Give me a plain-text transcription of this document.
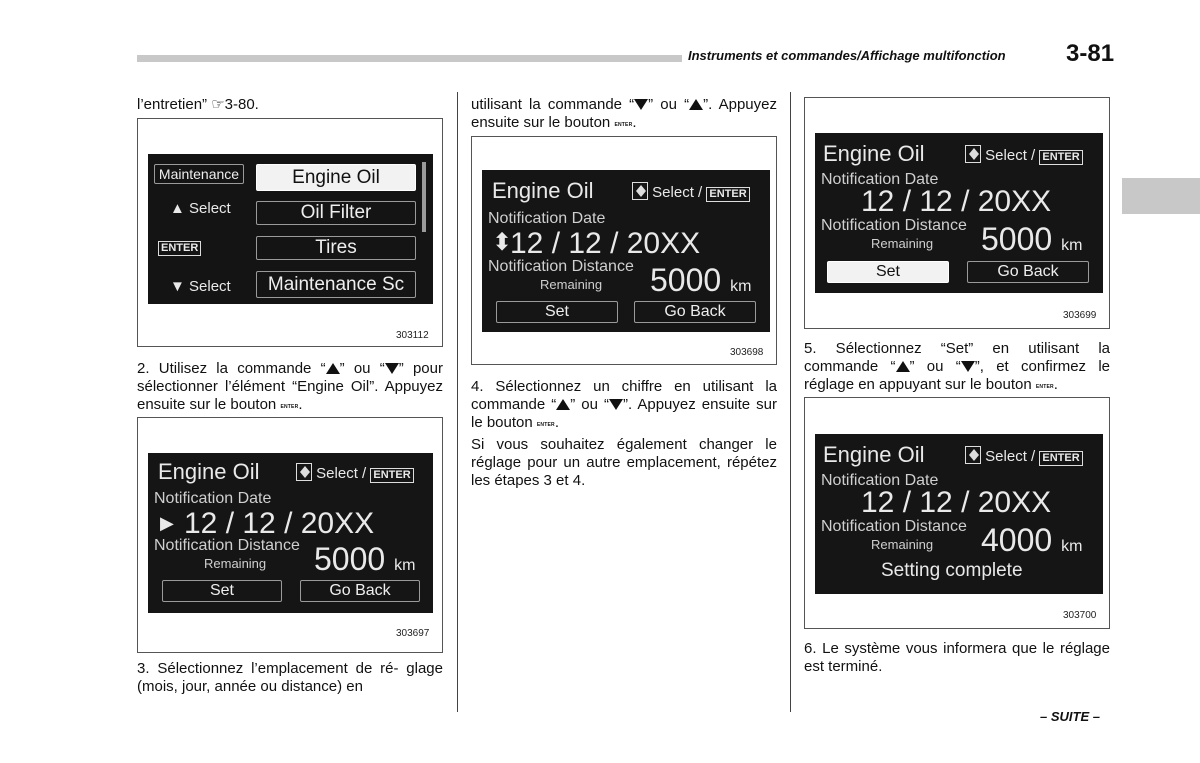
Instruments et commandes/Affichage multifonction	3-81
l’entretien” ☞3-80.
Maintenance
▲ Select
ENTER
▼ Select
Engine Oil
Oil Filter
Tires
Maintenance Sc
303112
2. Utilisez la commande “ ” ou “ ” pour sélectionner l’élément “Engine Oil”. Appuyez ensuite sur le bouton ENTER.
Engine Oil	Select / ENTER
Notification Date
▶ 12 / 12 / 20XX
Notification Distance
Remaining 5000 km
Set	Go Back
303697
3. Sélectionnez l’emplacement de ré- glage (mois, jour, année ou distance) en
utilisant la commande “ ” ou “ ”. Appuyez ensuite sur le bouton ENTER.
Engine Oil	Select / ENTER
Notification Date
⬍
12 / 12 / 20XX
Notification Distance
Remaining 5000 km
Set	Go Back
303698
4. Sélectionnez un chiffre en utilisant la commande “ ” ou “ ”. Appuyez ensuite sur le bouton ENTER.
Si vous souhaitez également changer le réglage pour un autre emplacement, répétez les étapes 3 et 4.
Engine Oil	Select / ENTER
Notification Date
12 / 12 / 20XX
Notification Distance
Remaining 5000 km
Set	Go Back
303699
5. Sélectionnez “Set” en utilisant la commande “ ” ou “ ”, et confirmez le réglage en appuyant sur le bouton ENTER.
Engine Oil	Select / ENTER
Notification Date
12 / 12 / 20XX
Notification Distance
Remaining 4000 km
Setting complete
303700
6. Le système vous informera que le réglage est terminé.
– SUITE –
